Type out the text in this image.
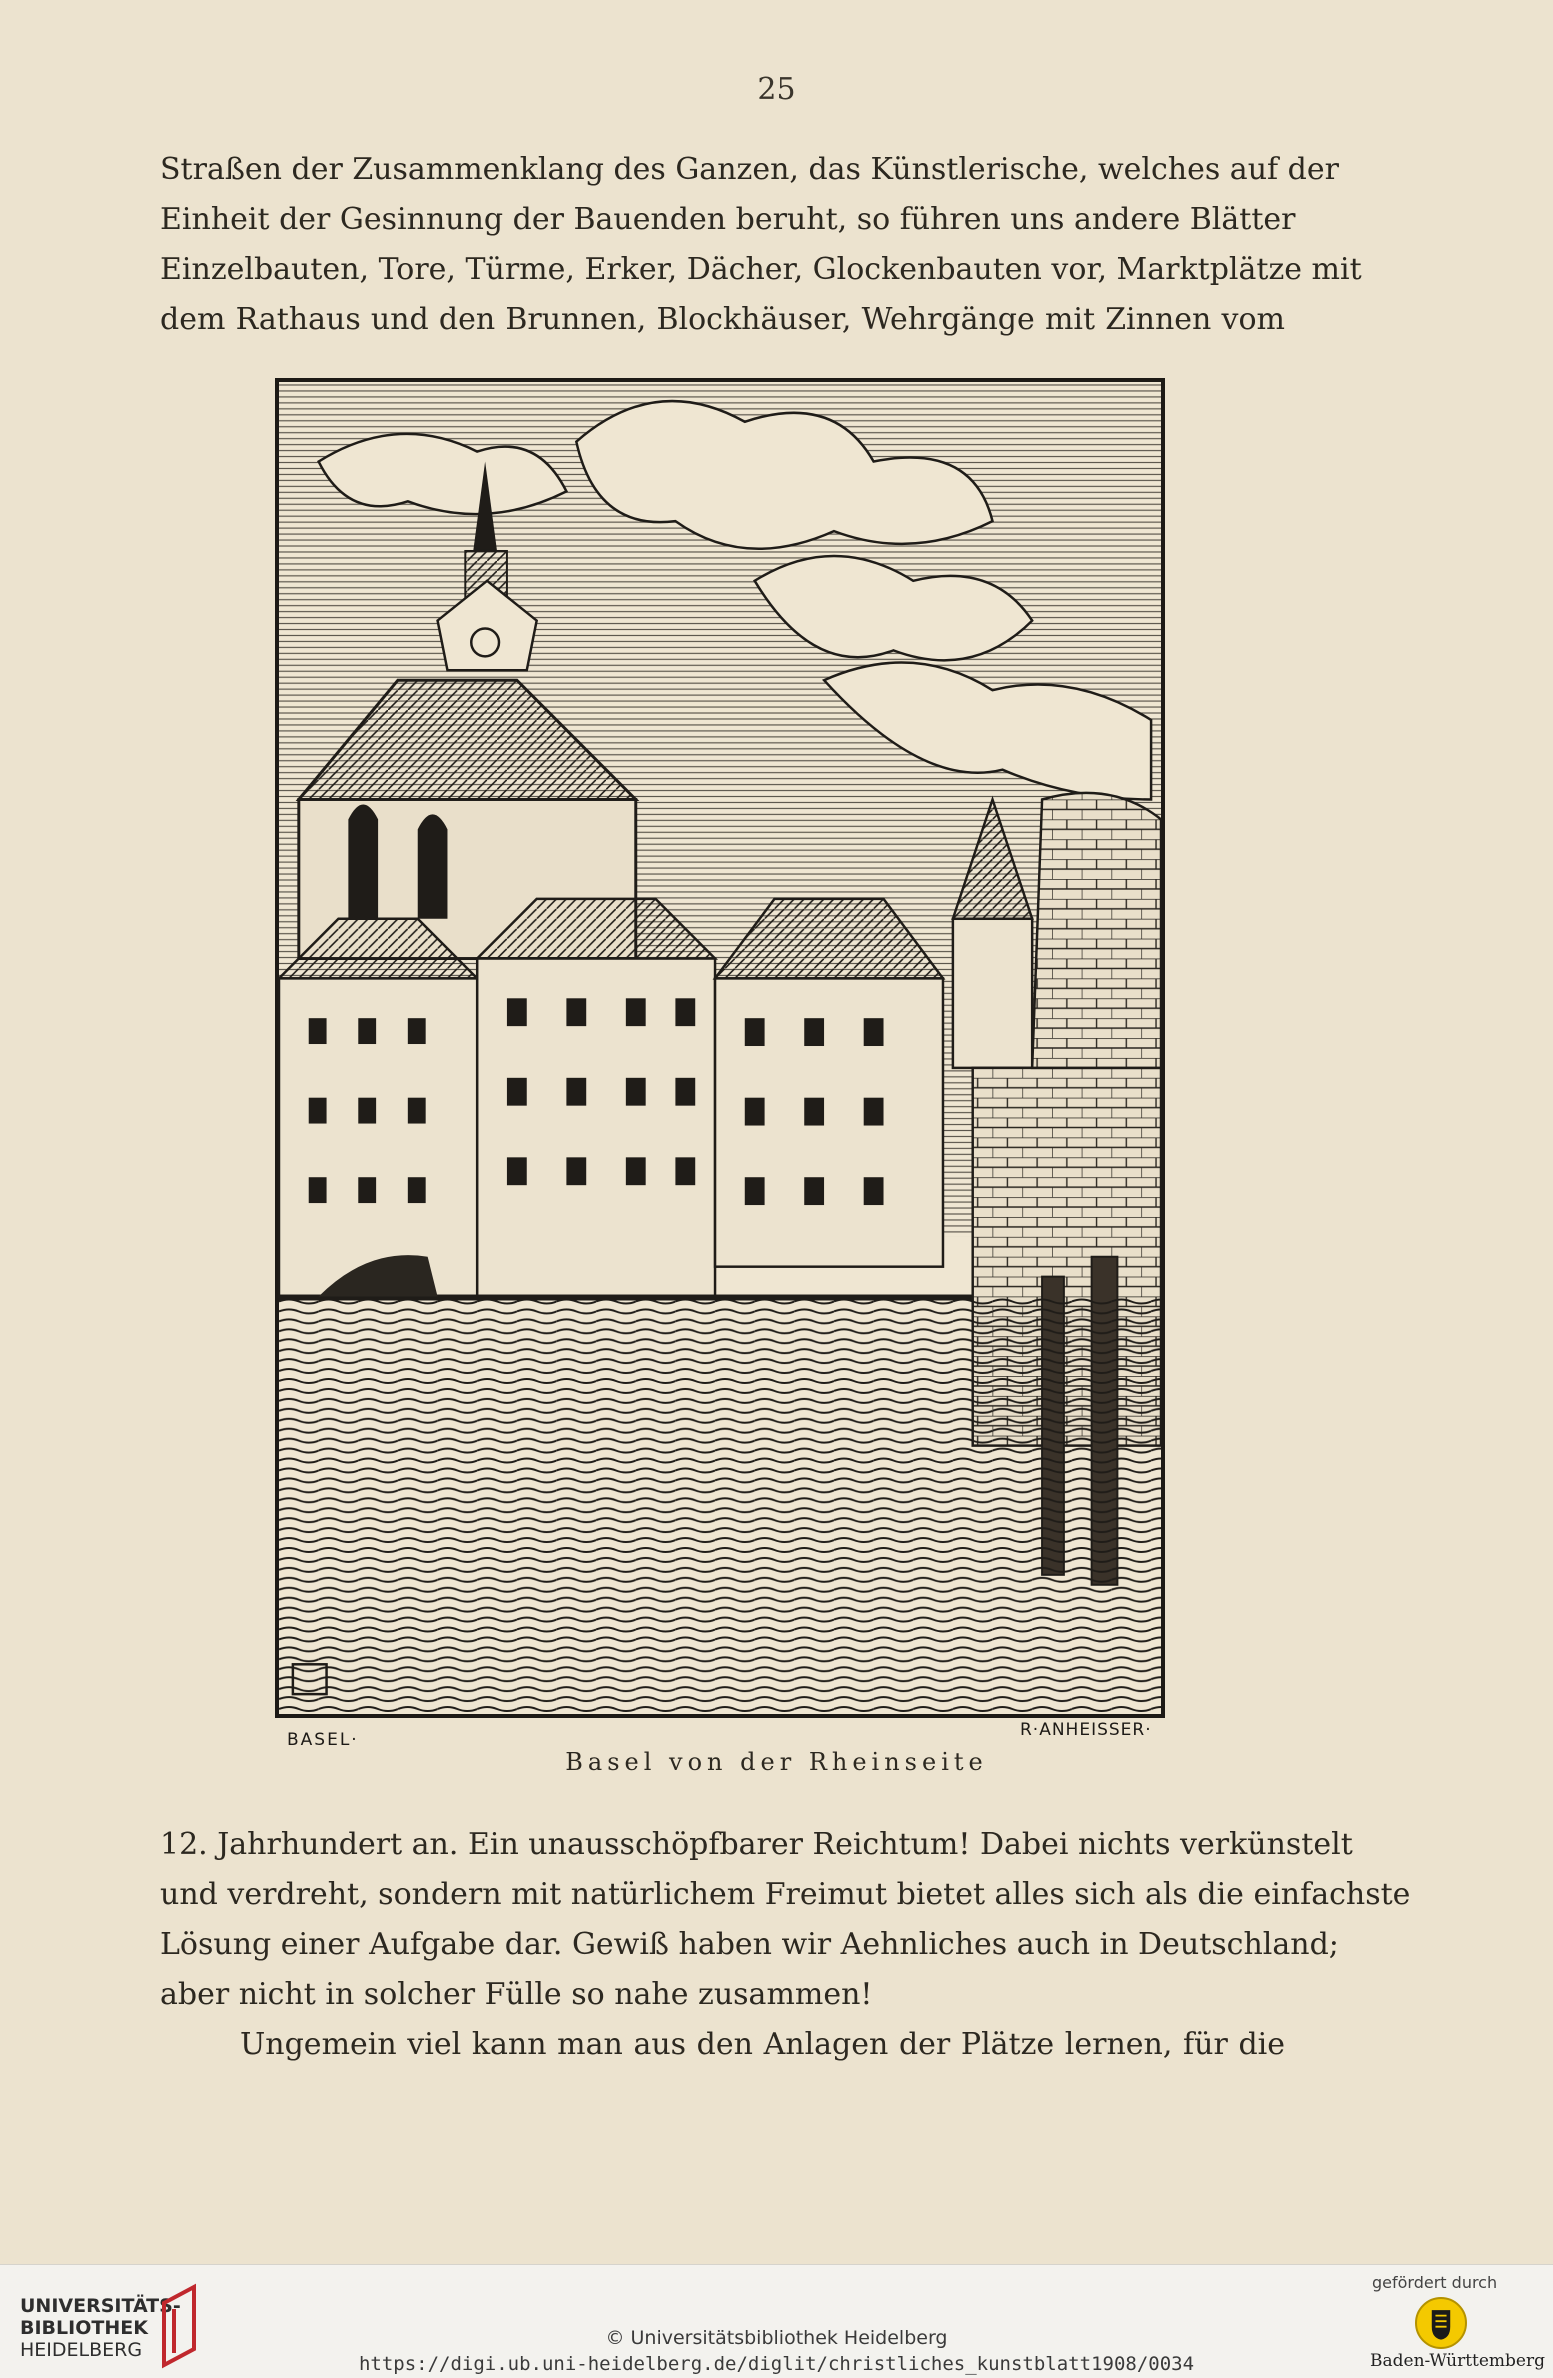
25
Straßen der Zusammenklang des Ganzen, das Künstlerische, welches auf der
Einheit der Gesinnung der Bauenden beruht, so führen uns andere Blätter
Einzelbauten, Tore, Türme, Erker, Dächer, Glockenbauten vor, Marktplätze mit
dem Rathaus und den Brunnen, Blockhäuser, Wehrgänge mit Zinnen vom
BASEL·	R·ANHEISSER·
Basel von der Rheinseite
12. Jahrhundert an. Ein unausschöpfbarer Reichtum! Dabei nichts verkünstelt
und verdreht, sondern mit natürlichem Freimut bietet alles sich als die einfachste
Lösung einer Aufgabe dar. Gewiß haben wir Aehnliches auch in Deutschland;
aber nicht in solcher Fülle so nahe zusammen!
Ungemein viel kann man aus den Anlagen der Plätze lernen, für die
UNIVERSITÄTS-
BIBLIOTHEK
HEIDELBERG
© Universitätsbibliothek Heidelberg
https://digi.ub.uni-heidelberg.de/diglit/christliches_kunstblatt1908/0034
gefördert durch
Baden-Württemberg
